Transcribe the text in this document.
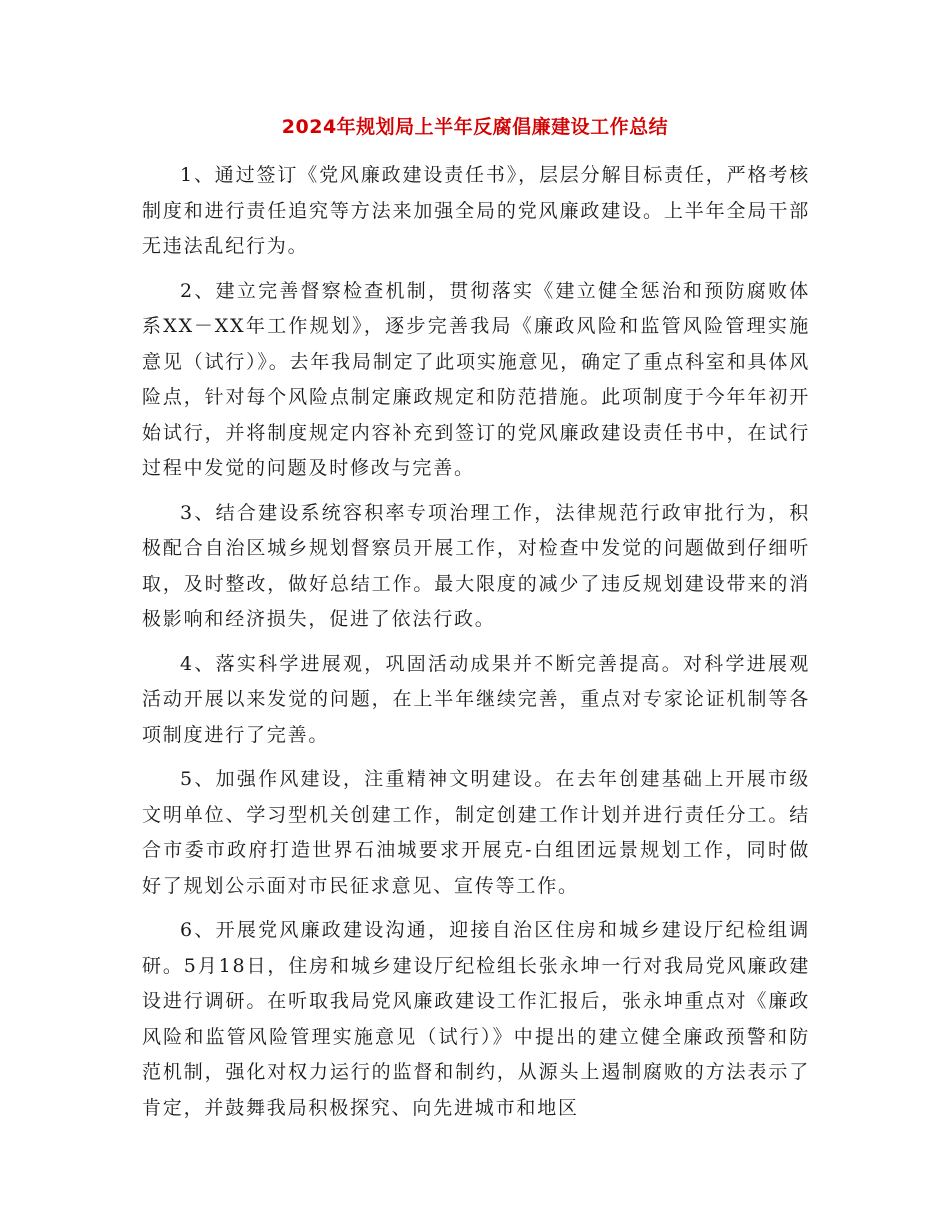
2024年规划局上半年反腐倡廉建设工作总结

1、通过签订《党风廉政建设责任书》，层层分解目标责任，严格考核制度和进行责任追究等方法来加强全局的党风廉政建设。上半年全局干部无违法乱纪行为。

2、建立完善督察检查机制，贯彻落实《建立健全惩治和预防腐败体系XX－XX年工作规划》，逐步完善我局《廉政风险和监管风险管理实施意见（试行）》。去年我局制定了此项实施意见，确定了重点科室和具体风险点，针对每个风险点制定廉政规定和防范措施。此项制度于今年年初开始试行，并将制度规定内容补充到签订的党风廉政建设责任书中，在试行过程中发觉的问题及时修改与完善。

3、结合建设系统容积率专项治理工作，法律规范行政审批行为，积极配合自治区城乡规划督察员开展工作，对检查中发觉的问题做到仔细听取，及时整改，做好总结工作。最大限度的减少了违反规划建设带来的消极影响和经济损失，促进了依法行政。

4、落实科学进展观，巩固活动成果并不断完善提高。对科学进展观活动开展以来发觉的问题，在上半年继续完善，重点对专家论证机制等各项制度进行了完善。

5、加强作风建设，注重精神文明建设。在去年创建基础上开展市级文明单位、学习型机关创建工作，制定创建工作计划并进行责任分工。结合市委市政府打造世界石油城要求开展克-白组团远景规划工作，同时做好了规划公示面对市民征求意见、宣传等工作。

6、开展党风廉政建设沟通，迎接自治区住房和城乡建设厅纪检组调研。5月18日，住房和城乡建设厅纪检组长张永坤一行对我局党风廉政建设进行调研。在听取我局党风廉政建设工作汇报后，张永坤重点对《廉政风险和监管风险管理实施意见（试行）》中提出的建立健全廉政预警和防范机制，强化对权力运行的监督和制约，从源头上遏制腐败的方法表示了肯定，并鼓舞我局积极探究、向先进城市和地区
